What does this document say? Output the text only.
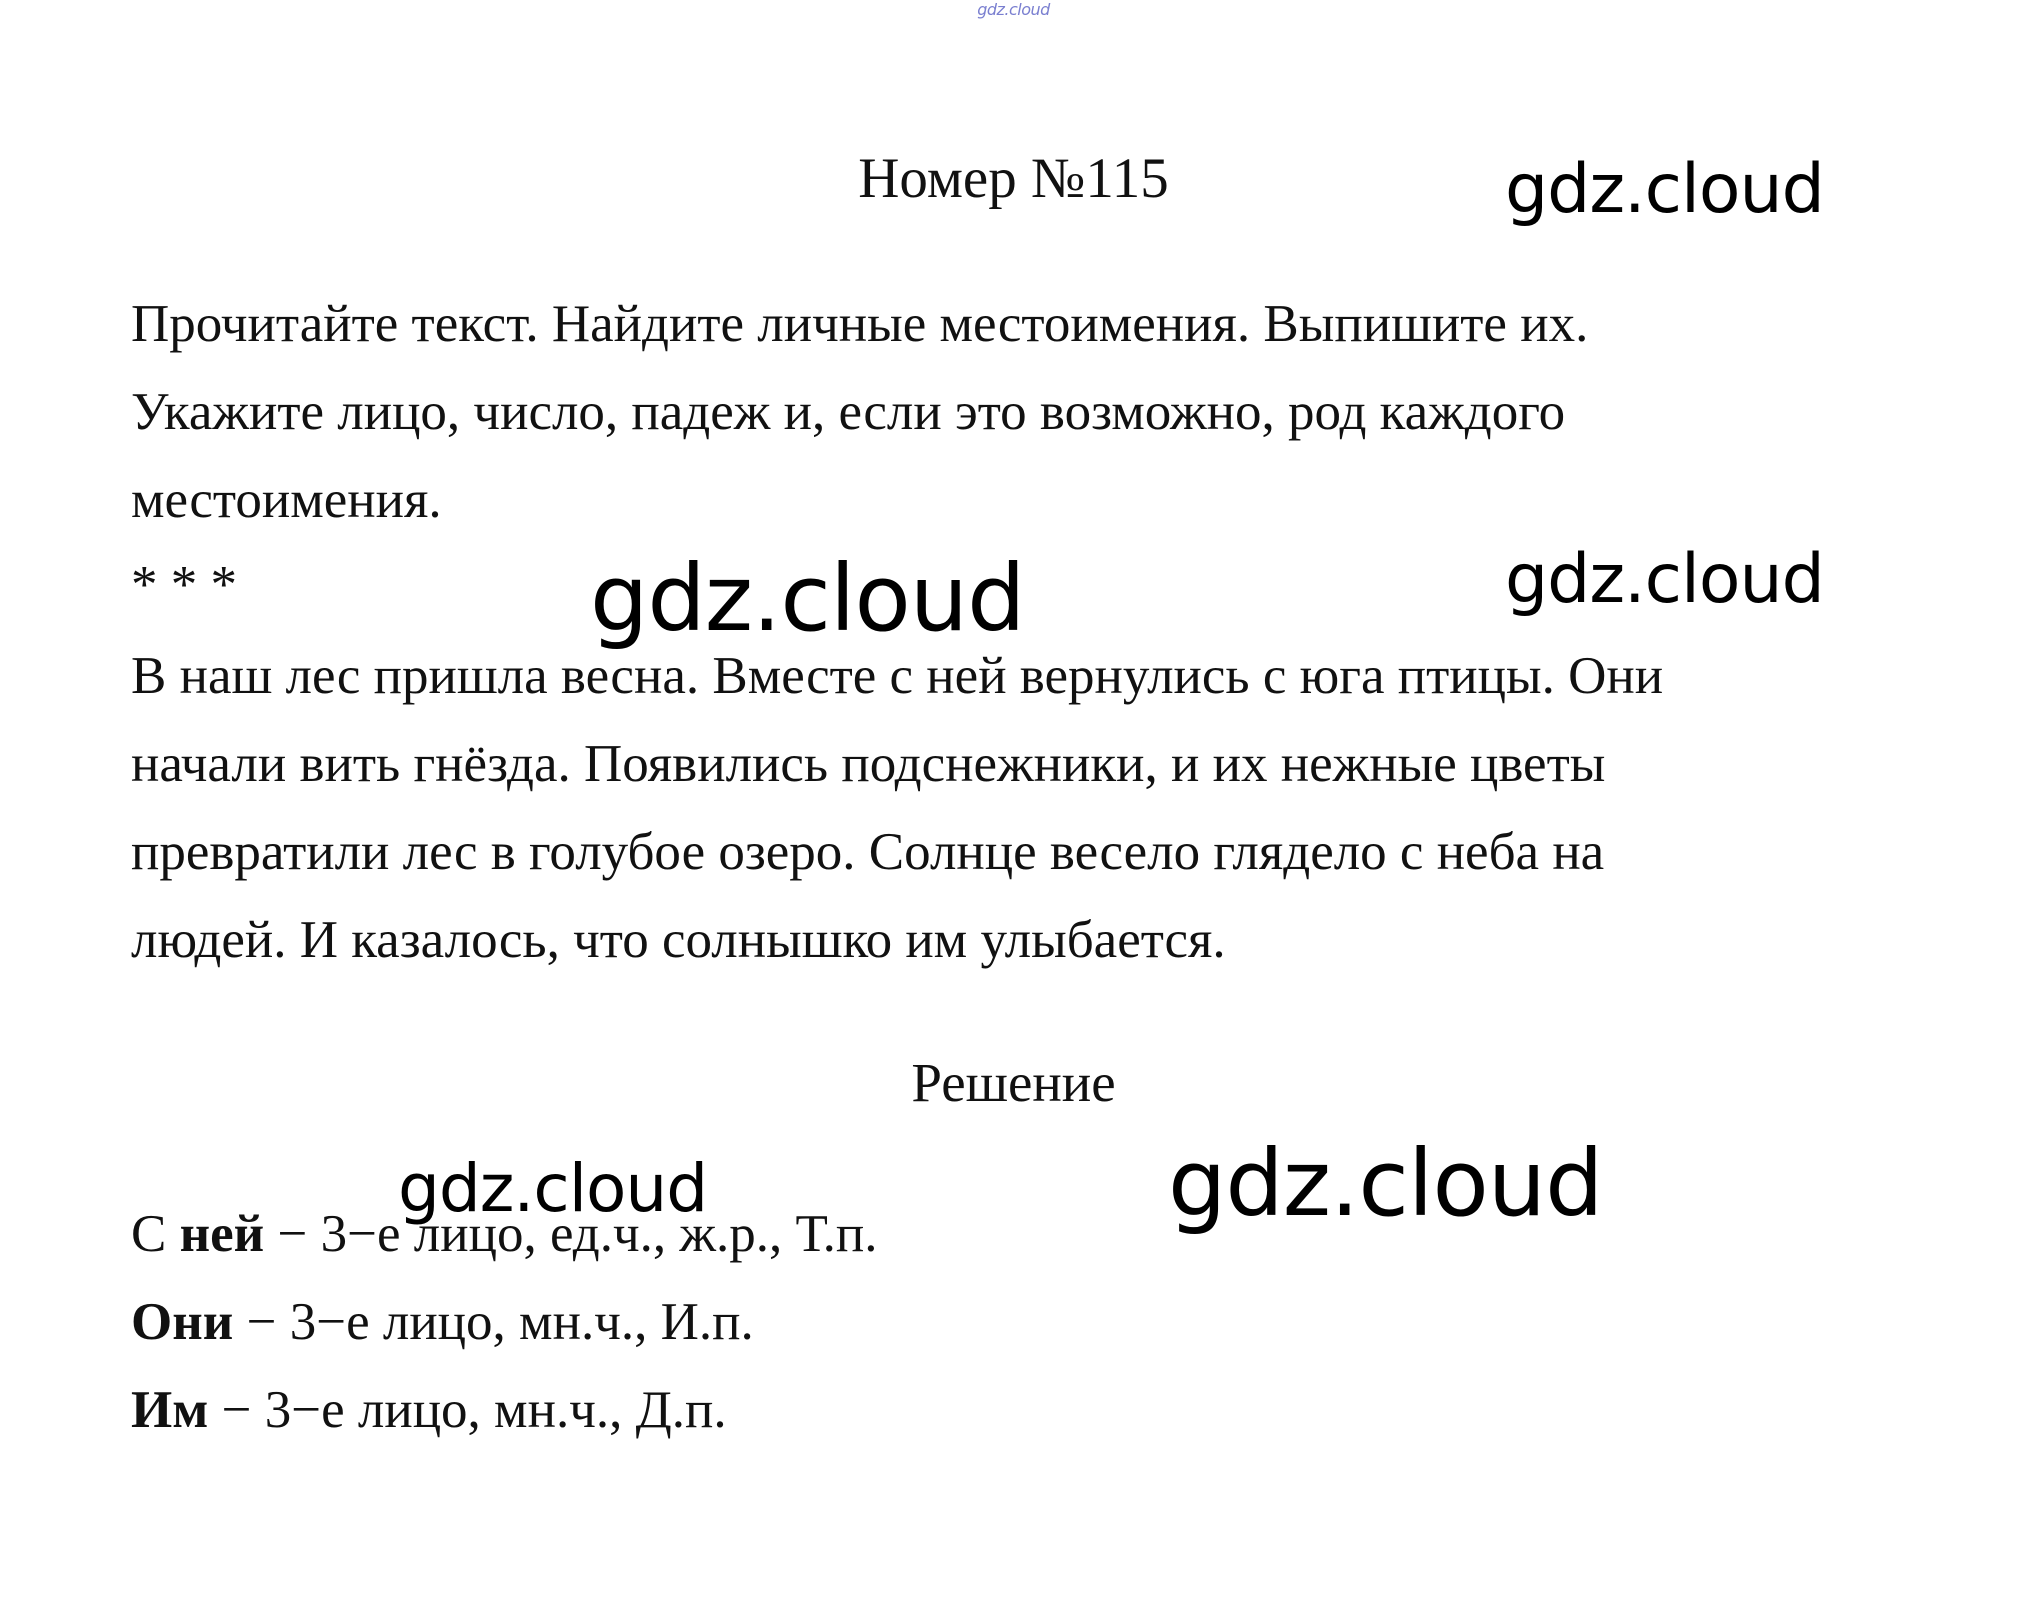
gdz.cloud
Номер №115
Прочитайте текст. Найдите личные местоимения. Выпишите их.
Укажите лицо, число, падеж и, если это возможно, род каждого
местоимения.
* * *
В наш лес пришла весна. Вместе с ней вернулись с юга птицы. Они
начали вить гнёзда. Появились подснежники, и их нежные цветы
превратили лес в голубое озеро. Солнце весело глядело с неба на
людей. И казалось, что солнышко им улыбается.
Решение
С ней − 3−е лицо, ед.ч., ж.р., Т.п.
Они − 3−е лицо, мн.ч., И.п.
Им − 3−е лицо, мн.ч., Д.п.
gdz.cloud
gdz.cloud	gdz.cloud
gdz.cloud	gdz.cloud
